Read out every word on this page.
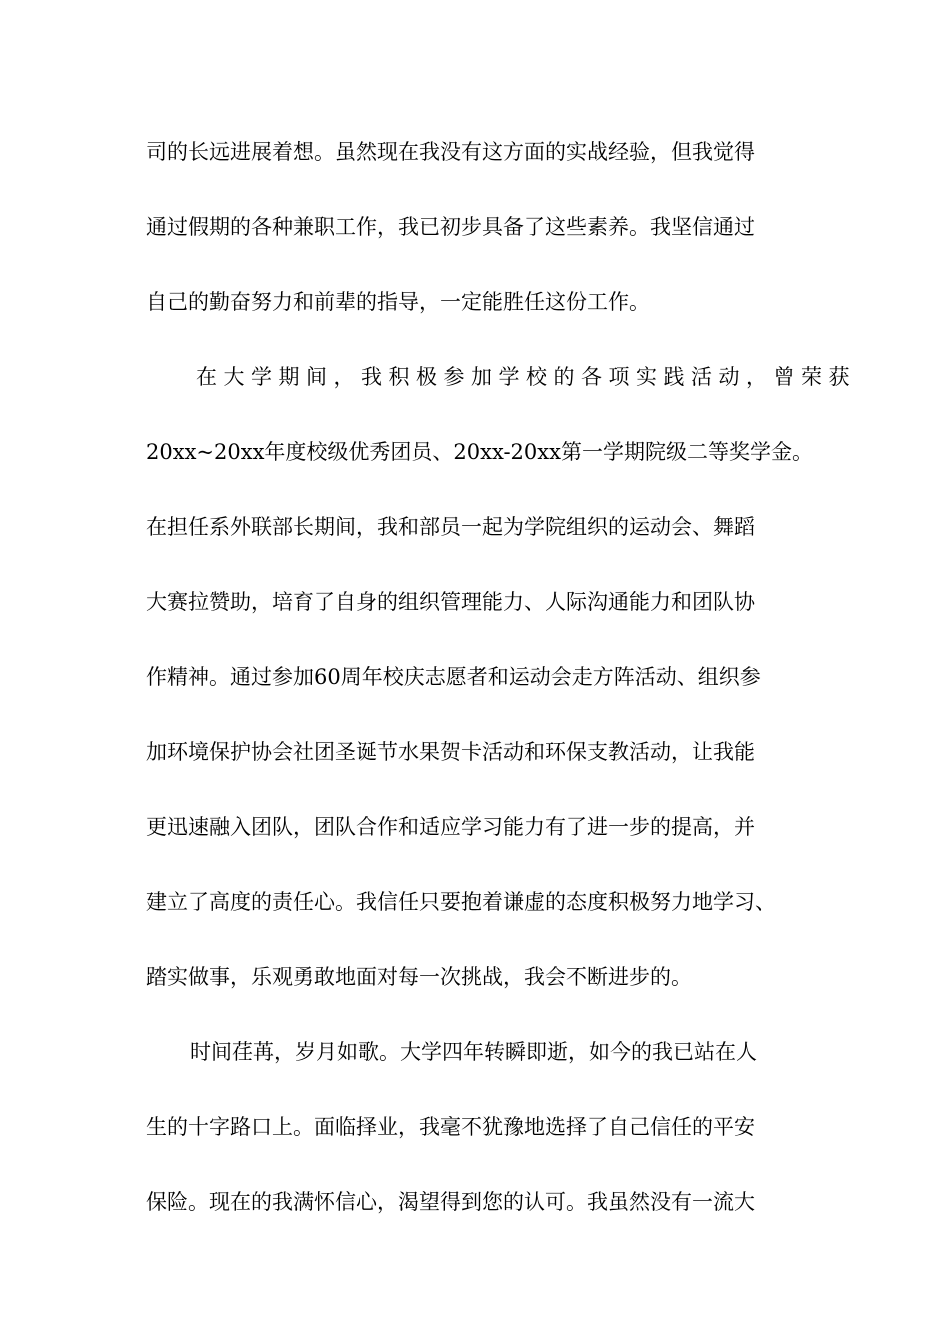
司的长远进展着想。虽然现在我没有这方面的实战经验，但我觉得
通过假期的各种兼职工作，我已初步具备了这些素养。我坚信通过
自己的勤奋努力和前辈的指导，一定能胜任这份工作。
在大学期间，我积极参加学校的各项实践活动，曾荣获
20xx~20xx年度校级优秀团员、20xx-20xx第一学期院级二等奖学金。
在担任系外联部长期间，我和部员一起为学院组织的运动会、舞蹈
大赛拉赞助，培育了自身的组织管理能力、人际沟通能力和团队协
作精神。通过参加60周年校庆志愿者和运动会走方阵活动、组织参
加环境保护协会社团圣诞节水果贺卡活动和环保支教活动，让我能
更迅速融入团队，团队合作和适应学习能力有了进一步的提高，并
建立了高度的责任心。我信任只要抱着谦虚的态度积极努力地学习、
踏实做事，乐观勇敢地面对每一次挑战，我会不断进步的。
时间荏苒，岁月如歌。大学四年转瞬即逝，如今的我已站在人
生的十字路口上。面临择业，我毫不犹豫地选择了自己信任的平安
保险。现在的我满怀信心，渴望得到您的认可。我虽然没有一流大
